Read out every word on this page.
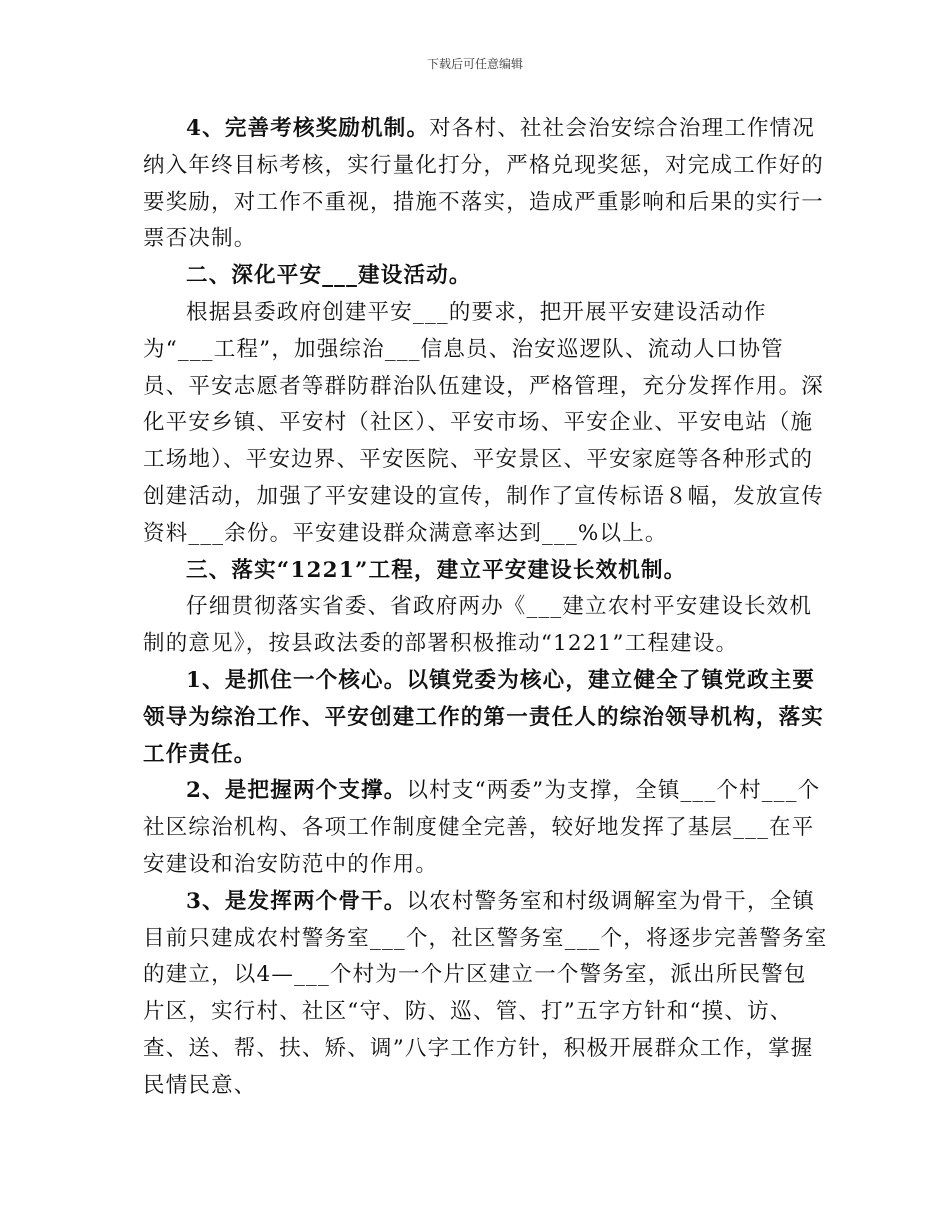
下载后可任意编辑

4、完善考核奖励机制。对各村、社社会治安综合治理工作情况纳入年终目标考核，实行量化打分，严格兑现奖惩，对完成工作好的要奖励，对工作不重视，措施不落实，造成严重影响和后果的实行一票否决制。

二、深化平安___建设活动。

根据县委政府创建平安___的要求，把开展平安建设活动作为“___工程”，加强综治___信息员、治安巡逻队、流动人口协管员、平安志愿者等群防群治队伍建设，严格管理，充分发挥作用。深化平安乡镇、平安村（社区）、平安市场、平安企业、平安电站（施工场地）、平安边界、平安医院、平安景区、平安家庭等各种形式的创建活动，加强了平安建设的宣传，制作了宣传标语８幅，发放宣传资料___余份。平安建设群众满意率达到___%以上。

三、落实“1221”工程，建立平安建设长效机制。

仔细贯彻落实省委、省政府两办《___建立农村平安建设长效机制的意见》，按县政法委的部署积极推动“1221”工程建设。

1、是抓住一个核心。以镇党委为核心，建立健全了镇党政主要领导为综治工作、平安创建工作的第一责任人的综治领导机构，落实工作责任。

2、是把握两个支撑。以村支“两委”为支撑，全镇___个村___个社区综治机构、各项工作制度健全完善，较好地发挥了基层___在平安建设和治安防范中的作用。

3、是发挥两个骨干。以农村警务室和村级调解室为骨干，全镇目前只建成农村警务室___个，社区警务室___个，将逐步完善警务室的建立，以4—___个村为一个片区建立一个警务室，派出所民警包片区，实行村、社区“守、防、巡、管、打”五字方针和“摸、访、查、送、帮、扶、矫、调”八字工作方针，积极开展群众工作，掌握民情民意、
